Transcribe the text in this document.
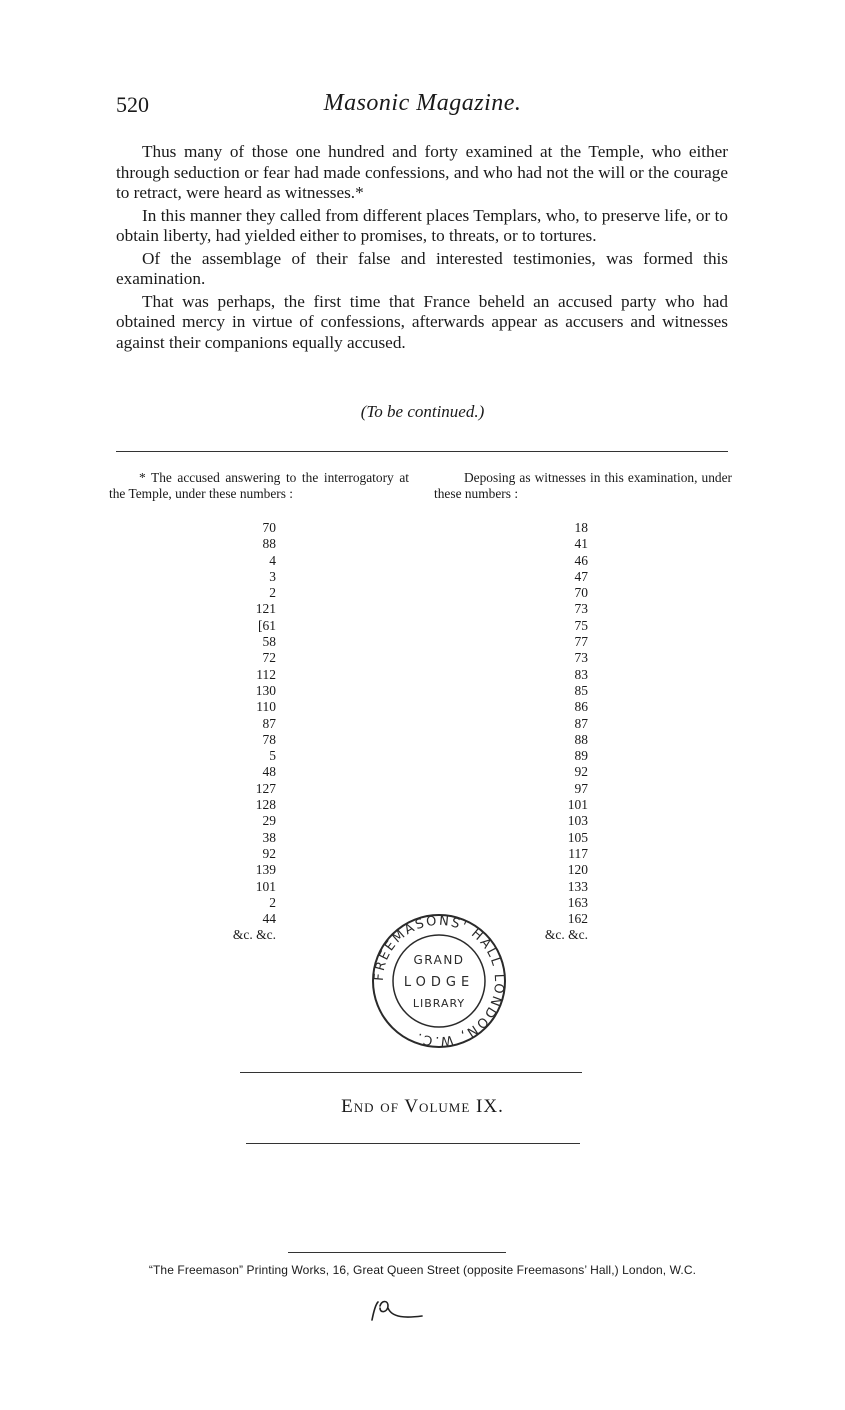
520	Masonic Magazine.

Thus many of those one hundred and forty examined at the Temple, who either through seduction or fear had made confessions, and who had not the will or the courage to retract, were heard as witnesses.*

In this manner they called from different places Templars, who, to preserve life, or to obtain liberty, had yielded either to promises, to threats, or to tortures.

Of the assemblage of their false and interested testimonies, was formed this examination.

That was perhaps, the first time that France beheld an accused party who had obtained mercy in virtue of confessions, afterwards appear as accusers and witnesses against their companions equally accused.

(To be continued.)
* The accused answering to the interrogatory at the Temple, under these numbers :
Deposing as witnesses in this examination, under these numbers :
70
88
4
3
2
121
[61
58
72
112
130
110
87
78
5
48
127
128
29
38
92
139
101
2
44
&c. &c.
18
41
46
47
70
73
75
77
73
83
85
86
87
88
89
92
97
101
103
105
117
120
133
163
162
&c. &c.
FREEMASONS' HALL LONDON, W.C.
GRAND
LODGE
LIBRARY
End of Volume IX.
“The Freemason” Printing Works, 16, Great Queen Street (opposite Freemasons’ Hall,) London, W.C.
